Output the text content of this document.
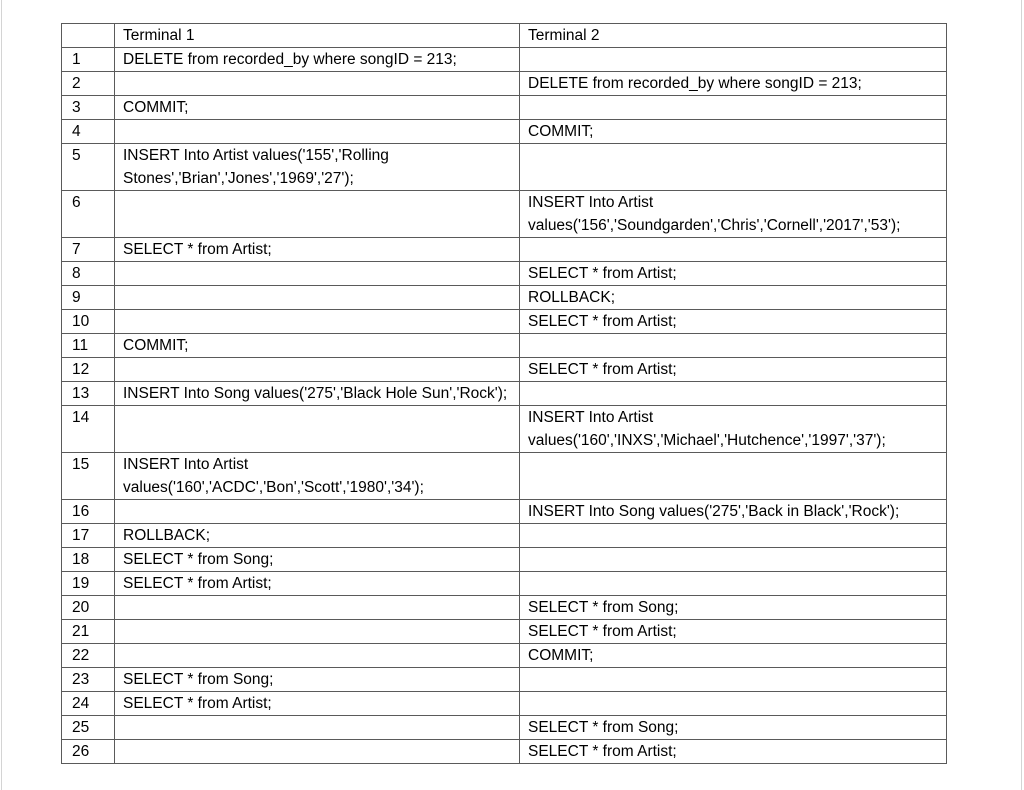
	Terminal 1	Terminal 2
1	DELETE from recorded_by where songID = 213;	
2		DELETE from recorded_by where songID = 213;
3	COMMIT;	
4		COMMIT;
5	INSERT Into Artist values('155','Rolling Stones','Brian','Jones','1969','27');	
6		INSERT Into Artist values('156','Soundgarden','Chris','Cornell','2017','53');
7	SELECT * from Artist;	
8		SELECT * from Artist;
9		ROLLBACK;
10		SELECT * from Artist;
11	COMMIT;	
12		SELECT * from Artist;
13	INSERT Into Song values('275','Black Hole Sun','Rock');	
14		INSERT Into Artist values('160','INXS','Michael','Hutchence','1997','37');
15	INSERT Into Artist values('160','ACDC','Bon','Scott','1980','34');	
16		INSERT Into Song values('275','Back in Black','Rock');
17	ROLLBACK;	
18	SELECT * from Song;	
19	SELECT * from Artist;	
20		SELECT * from Song;
21		SELECT * from Artist;
22		COMMIT;
23	SELECT * from Song;	
24	SELECT * from Artist;	
25		SELECT * from Song;
26		SELECT * from Artist;
